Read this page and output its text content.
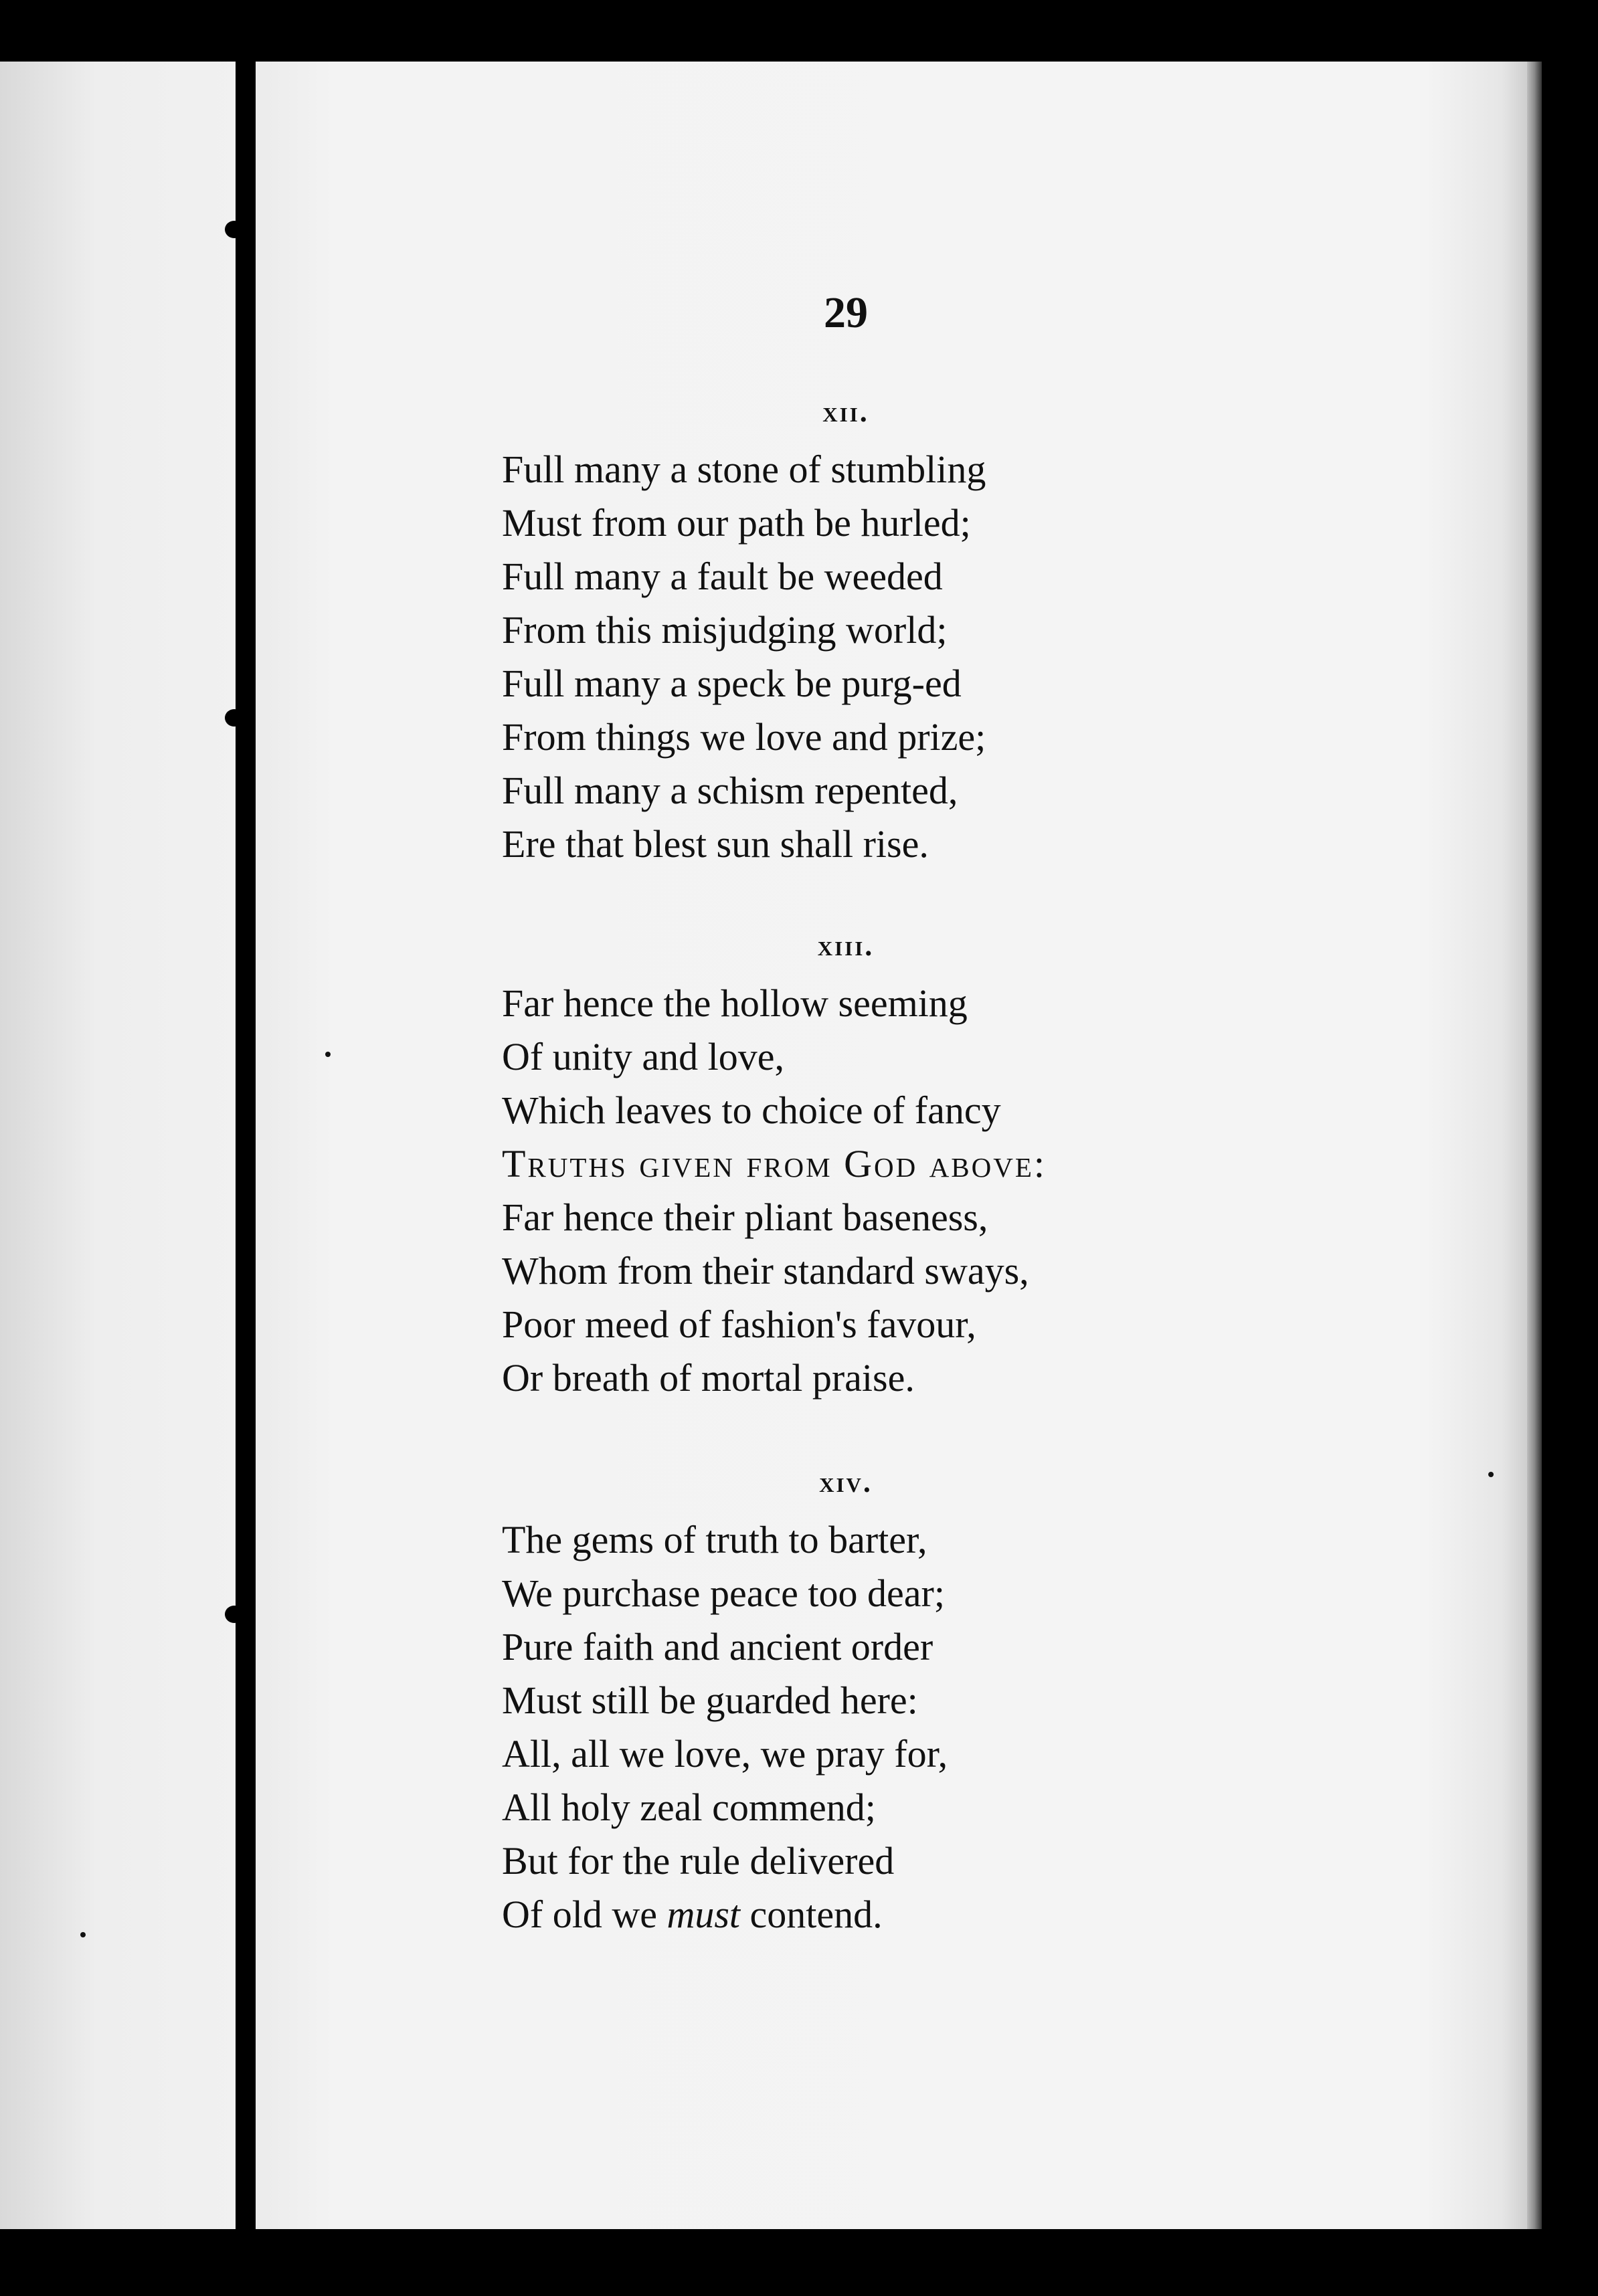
29
xii.
Full many a stone of stumbling
Must from our path be hurled;
Full many a fault be weeded
From this misjudging world;
Full many a speck be purg-ed
From things we love and prize;
Full many a schism repented,
Ere that blest sun shall rise.
xiii.
Far hence the hollow seeming
Of unity and love,
Which leaves to choice of fancy
Truths given from God above:
Far hence their pliant baseness,
Whom from their standard sways,
Poor meed of fashion's favour,
Or breath of mortal praise.
xiv.
The gems of truth to barter,
We purchase peace too dear;
Pure faith and ancient order
Must still be guarded here:
All, all we love, we pray for,
All holy zeal commend;
But for the rule delivered
Of old we must contend.
